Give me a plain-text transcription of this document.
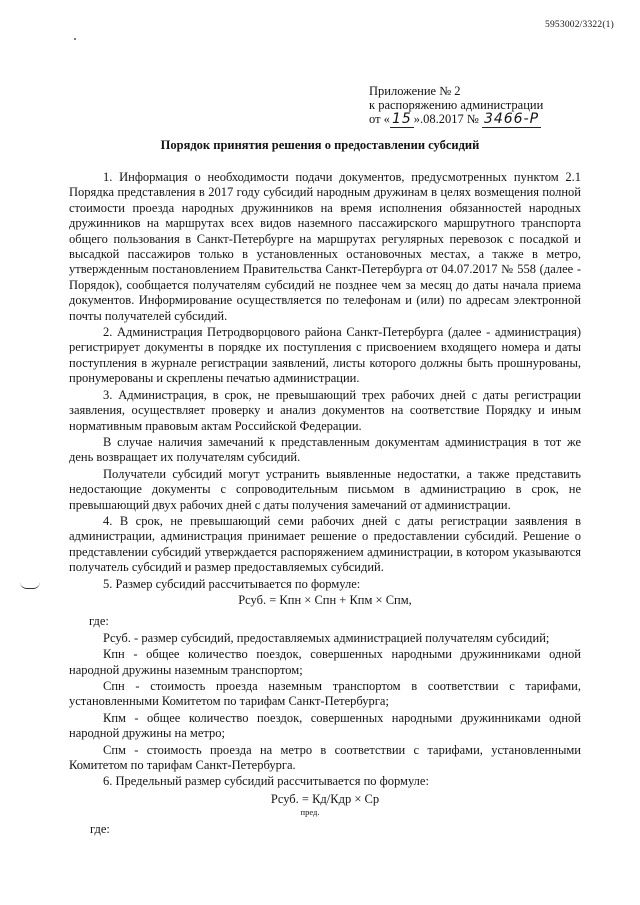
5953002/3322(1)
Приложение № 2
к распоряжению администрации
от « 15 ».08.2017 № 3466-Р
Порядок принятия решения о предоставлении субсидий

1. Информация о необходимости подачи документов, предусмотренных пунктом 2.1 Порядка представления в 2017 году субсидий народным дружинам в целях возмещения полной стоимости проезда народных дружинников на время исполнения обязанностей народных дружинников на маршрутах всех видов наземного пассажирского маршрутного транспорта общего пользования в Санкт-Петербурге на маршрутах регулярных перевозок с посадкой и высадкой пассажиров только в установленных остановочных местах, а также в метро, утвержденным постановлением Правительства Санкт-Петербурга от 04.07.2017 № 558 (далее - Порядок), сообщается получателям субсидий не позднее чем за месяц до даты начала приема документов. Информирование осуществляется по телефонам и (или) по адресам электронной почты получателей субсидий.

2. Администрация Петродворцового района Санкт-Петербурга (далее - администрация) регистрирует документы в порядке их поступления с присвоением входящего номера и даты поступления в журнале регистрации заявлений, листы которого должны быть прошнурованы, пронумерованы и скреплены печатью администрации.

3. Администрация, в срок, не превышающий трех рабочих дней с даты регистрации заявления, осуществляет проверку и анализ документов на соответствие Порядку и иным нормативным правовым актам Российской Федерации.

В случае наличия замечаний к представленным документам администрация в тот же день возвращает их получателям субсидий.

Получатели субсидий могут устранить выявленные недостатки, а также представить недостающие документы с сопроводительным письмом в администрацию в срок, не превышающий двух рабочих дней с даты получения замечаний от администрации.

4. В срок, не превышающий семи рабочих дней с даты регистрации заявления в администрации, администрация принимает решение о предоставлении субсидий. Решение о представлении субсидий утверждается распоряжением администрации, в котором указываются получатель субсидий и размер предоставляемых субсидий.

5. Размер субсидий рассчитывается по формуле:

Рсуб. = Кпн × Спн + Кпм × Спм,

где:

Рсуб. - размер субсидий, предоставляемых администрацией получателям субсидий;

Кпн - общее количество поездок, совершенных народными дружинниками одной народной дружины наземным транспортом;

Спн - стоимость проезда наземным транспортом в соответствии с тарифами, установленными Комитетом по тарифам Санкт-Петербурга;

Кпм - общее количество поездок, совершенных народными дружинниками одной народной дружины на метро;

Спм - стоимость проезда на метро в соответствии с тарифами, установленными Комитетом по тарифам Санкт-Петербурга.

6. Предельный размер субсидий рассчитывается по формуле:

Рсуб. = Кд/Кдр × Ср

пред.

где:
